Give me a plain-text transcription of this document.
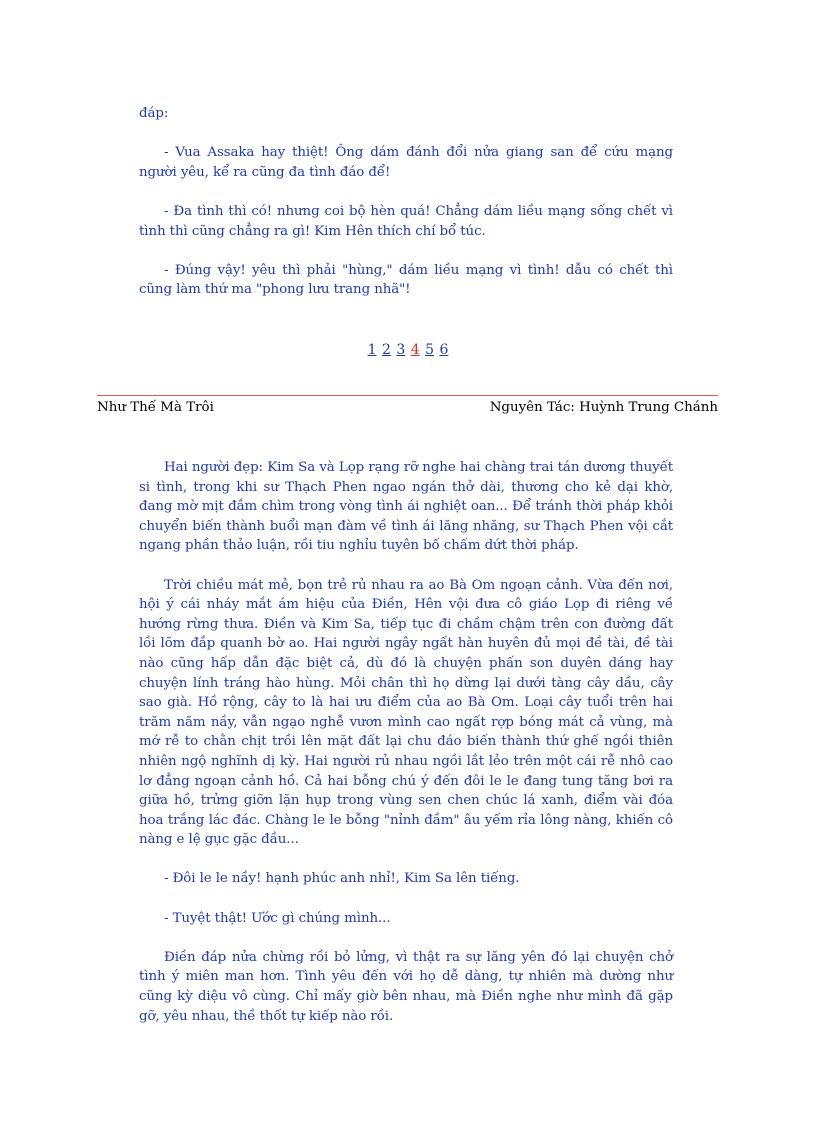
đáp:

- Vua Assaka hay thiệt! Ông dám đánh đổi nửa giang san để cứu mạng người yêu, kể ra cũng đa tình đáo để!

- Đa tình thì có! nhưng coi bộ hèn quá! Chẳng dám liều mạng sống chết vì tình thì cũng chẳng ra gì! Kim Hên thích chí bổ túc.

- Đúng vậy! yêu thì phải "hùng," dám liều mạng vì tình! dẫu có chết thì cũng làm thứ ma "phong lưu trang nhã"!

1 2 3 4 5 6
Như Thế Mà Trôi	Nguyên Tác: Huỳnh Trung Chánh

Hai người đẹp: Kim Sa và Lọp rạng rỡ nghe hai chàng trai tán dương thuyết si tình, trong khi sư Thạch Phen ngao ngán thở dài, thương cho kẻ dại khờ, đang mờ mịt đắm chìm trong vòng tình ái nghiệt oan... Để tránh thời pháp khỏi chuyển biến thành buổi mạn đàm về tình ái lăng nhăng, sư Thạch Phen vội cắt ngang phần thảo luận, rồi tiu nghỉu tuyên bố chấm dứt thời pháp.

Trời chiều mát mẻ, bọn trẻ rủ nhau ra ao Bà Om ngoạn cảnh. Vừa đến nơi, hội ý cái nháy mắt ám hiệu của Điền, Hên vội đưa cô giáo Lọp đi riêng về hướng rừng thưa. Điền và Kim Sa, tiếp tục đi chầm chậm trên con đường đất lồi lõm đắp quanh bờ ao. Hai người ngây ngất hàn huyên đủ mọi đề tài, đề tài nào cũng hấp dẫn đặc biệt cả, dù đó là chuyện phấn son duyên dáng hay chuyện lính tráng hào hùng. Mỏi chân thì họ dừng lại dưới tàng cây dầu, cây sao già. Hồ rộng, cây to là hai ưu điểm của ao Bà Om. Loại cây tuổi trên hai trăm năm nầy, vẫn ngạo nghễ vươn mình cao ngất rợp bóng mát cả vùng, mà mớ rễ to chằn chịt trồi lên mặt đất lại chu đáo biến thành thứ ghế ngồi thiên nhiên ngộ nghĩnh dị kỳ. Hai người rủ nhau ngồi lắt lẻo trên một cái rễ nhô cao lơ đẳng ngoạn cảnh hồ. Cả hai bỗng chú ý đến đôi le le đang tung tăng bơi ra giữa hồ, trửng giỡn lặn hụp trong vùng sen chen chúc lá xanh, điểm vài đóa hoa trắng lác đác. Chàng le le bỗng "nỉnh đầm" âu yếm rỉa lông nàng, khiến cô nàng e lệ gục gặc đầu...

- Đôi le le nầy! hạnh phúc anh nhỉ!, Kim Sa lên tiếng.

- Tuyệt thật! Ước gì chúng mình...

Điền đáp nửa chừng rồi bỏ lửng, vì thật ra sự lăng yên đó lại chuyện chở tình ý miên man hơn. Tình yêu đến với họ dễ dàng, tự nhiên mà dường như cũng kỳ diệu vô cùng. Chỉ mấy giờ bên nhau, mà Điền nghe như mình đã gặp gỡ, yêu nhau, thề thốt tự kiếp nào rồi.
